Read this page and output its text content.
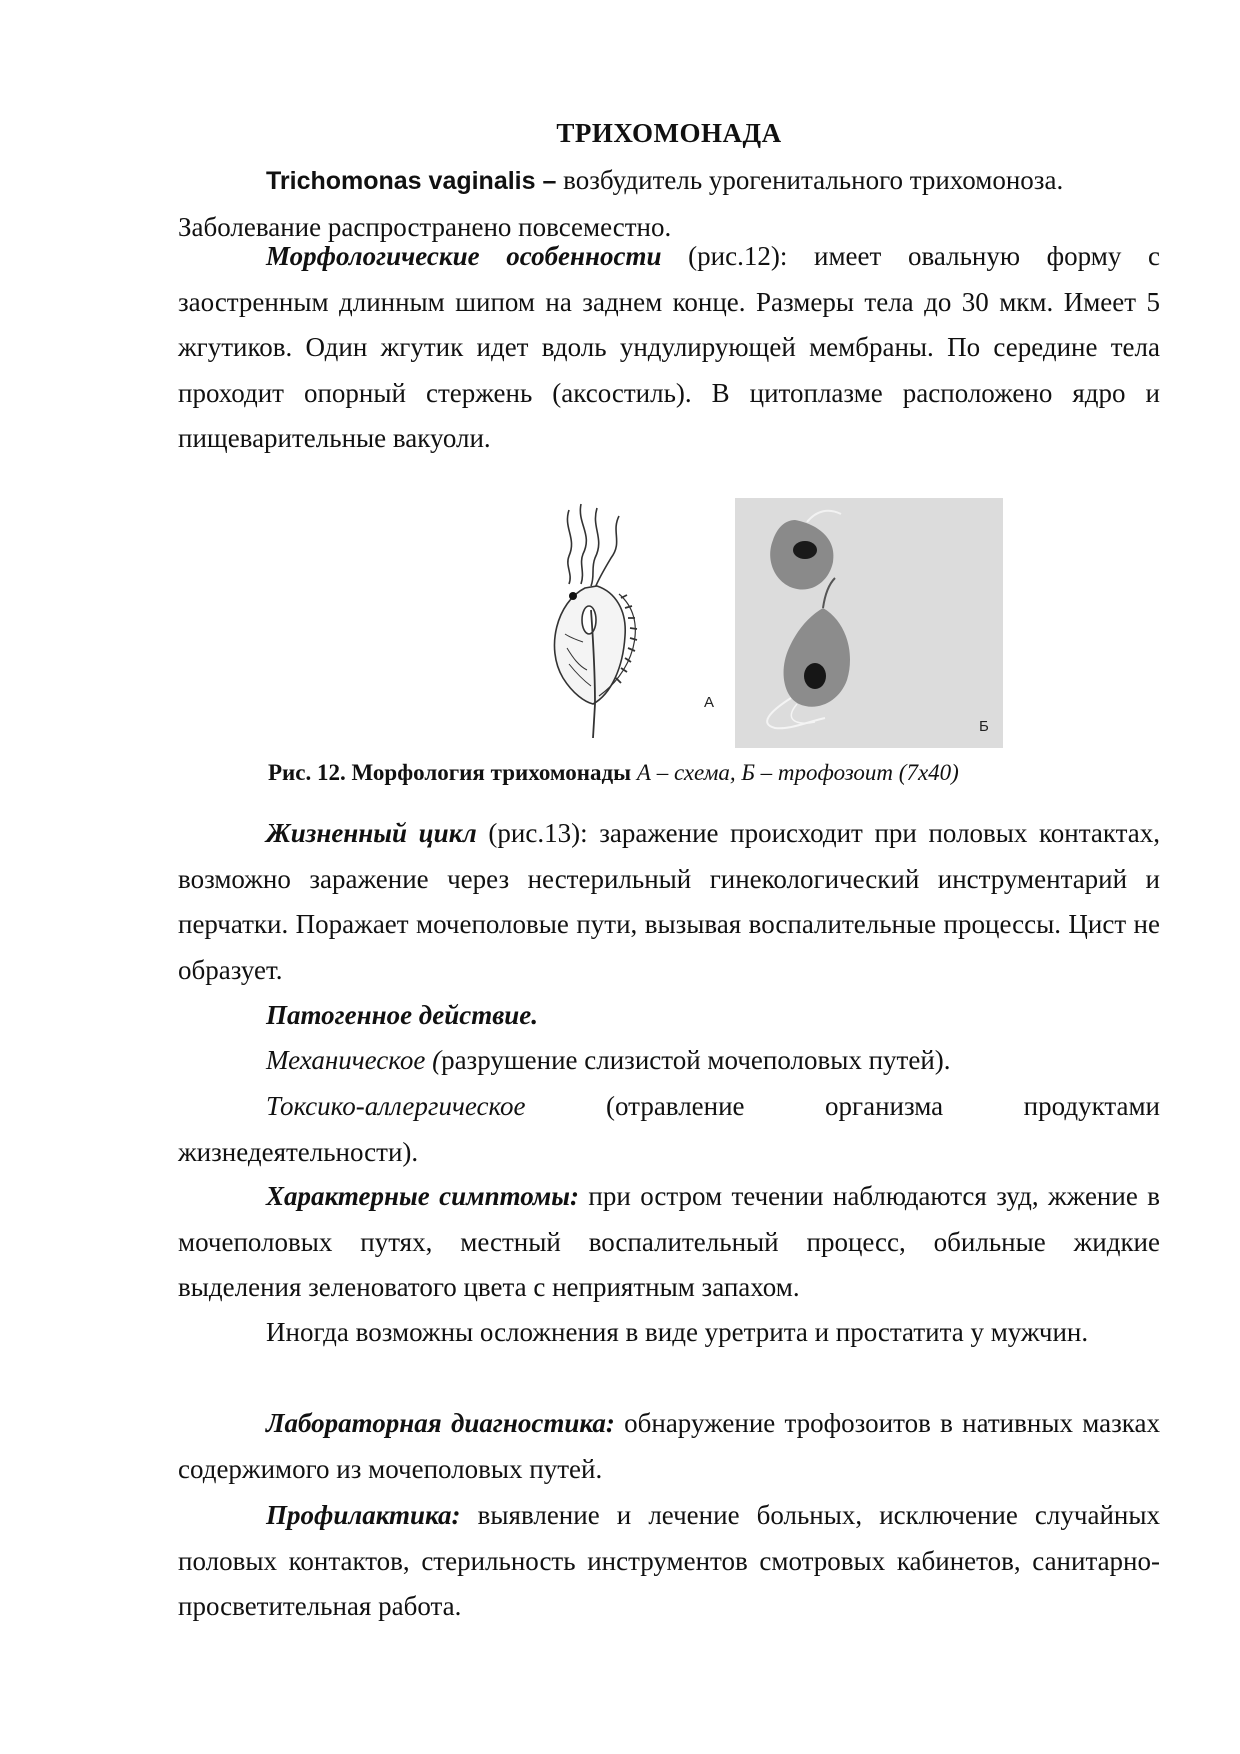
ТРИХОМОНАДА

Trichomonas vaginalis – возбудитель урогенитального трихомоноза.
Заболевание распространено повсеместно.

Морфологические особенности (рис.12): имеет овальную форму с заостренным длинным шипом на заднем конце. Размеры тела до 30 мкм. Имеет 5 жгутиков. Один жгутик идет вдоль ундулирующей мембраны. По середине тела проходит опорный стержень (аксостиль). В цитоплазме расположено ядро и пищеварительные вакуоли.

А
Б
Рис. 12. Морфология трихомонады А – схема, Б – трофозоит (7х40)

Жизненный цикл (рис.13): заражение происходит при половых контактах, возможно заражение через нестерильный гинекологический инструментарий и перчатки. Поражает мочеполовые пути, вызывая воспалительные процессы. Цист не образует.

Патогенное действие.

Механическое (разрушение слизистой мочеполовых путей).

Токсико-аллергическое (отравление организма продуктами жизнедеятельности).

Характерные симптомы: при остром течении наблюдаются зуд, жжение в мочеполовых путях, местный воспалительный процесс, обильные жидкие выделения зеленоватого цвета с неприятным запахом.

Иногда возможны осложнения в виде уретрита и простатита у мужчин.

Лабораторная диагностика: обнаружение трофозоитов в нативных мазках содержимого из мочеполовых путей.

Профилактика: выявление и лечение больных, исключение случайных половых контактов, стерильность инструментов смотровых кабинетов, санитарно-просветительная работа.
